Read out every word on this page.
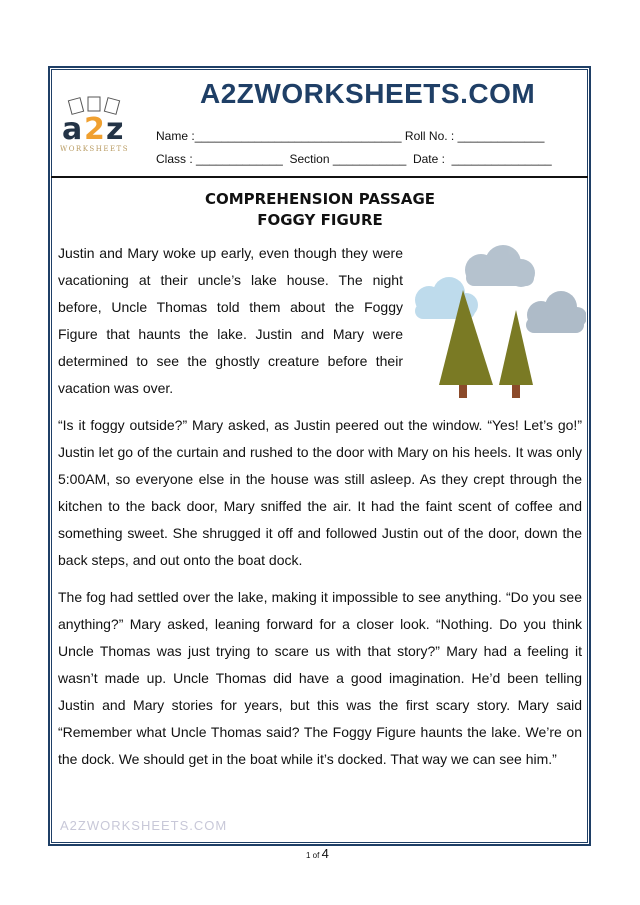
a 2 z
WORKSHEETS
A2ZWORKSHEETS.COM
Name :_______________________________ Roll No. : _____________
Class : _____________ Section ___________ Date : _______________
COMPREHENSION PASSAGE
FOGGY FIGURE

Justin and Mary woke up early, even though they were vacationing at their uncle’s lake house. The night before, Uncle Thomas told them about the Foggy Figure that haunts the lake. Justin and Mary were determined to see the ghostly creature before their vacation was over.

“Is it foggy outside?” Mary asked, as Justin peered out the window. “Yes! Let’s go!” Justin let go of the curtain and rushed to the door with Mary on his heels. It was only 5:00AM, so everyone else in the house was still asleep. As they crept through the kitchen to the back door, Mary sniffed the air. It had the faint scent of coffee and something sweet. She shrugged it off and followed Justin out of the door, down the back steps, and out onto the boat dock.

The fog had settled over the lake, making it impossible to see anything. “Do you see anything?” Mary asked, leaning forward for a closer look. “Nothing. Do you think Uncle Thomas was just trying to scare us with that story?” Mary had a feeling it wasn’t made up. Uncle Thomas did have a good imagination. He’d been telling Justin and Mary stories for years, but this was the first scary story. Mary said “Remember what Uncle Thomas said? The Foggy Figure haunts the lake. We’re on the dock. We should get in the boat while it’s docked. That way we can see him.”

A2ZWORKSHEETS.COM
1 of 4
